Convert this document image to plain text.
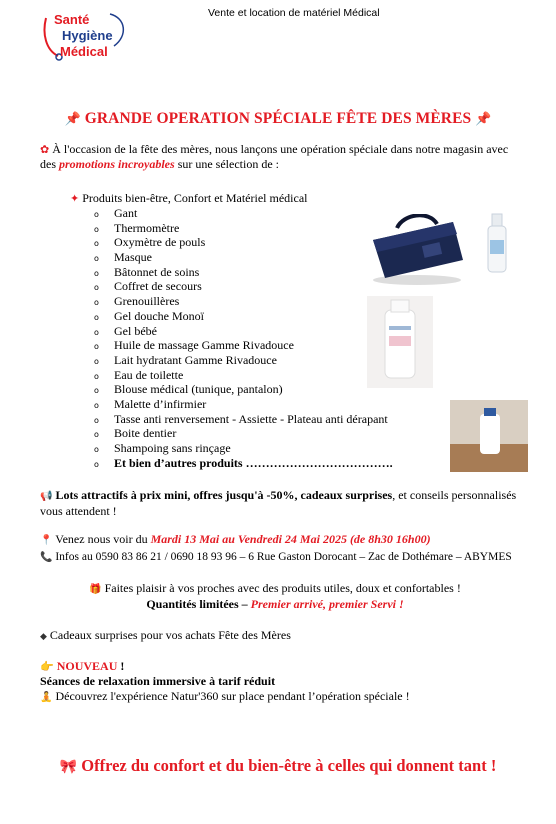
Santé
Hygiène
Médical
Vente et location de matériel Médical
📌 GRANDE OPERATION SPÉCIALE FÊTE DES MÈRES 📌
✿ À l'occasion de la fête des mères, nous lançons une opération spéciale dans notre magasin avec des promotions incroyables sur une sélection de :
✦ Produits bien-être, Confort et Matériel médical
o Gant
o Thermomètre
o Oxymètre de pouls
o Masque
o Bâtonnet de soins
o Coffret de secours
o Grenouillères
o Gel douche Monoï
o Gel bébé
o Huile de massage Gamme Rivadouce
o Lait hydratant Gamme Rivadouce
o Eau de toilette
o Blouse médical (tunique, pantalon)
o Malette d’infirmier
o Tasse anti renversement - Assiette - Plateau anti dérapant
o Boite dentier
o Shampoing sans rinçage
o Et bien d’autres produits ……………………………….
📢 Lots attractifs à prix mini, offres jusqu'à -50%, cadeaux surprises, et conseils personnalisés vous attendent !
📍 Venez nous voir du Mardi 13 Mai au Vendredi 24 Mai 2025 (de 8h30 16h00)
📞 Infos au 0590 83 86 21 / 0690 18 93 96 – 6 Rue Gaston Dorocant – Zac de Dothémare – ABYMES
🎁 Faites plaisir à vos proches avec des produits utiles, doux et confortables !
Quantités limitées – Premier arrivé, premier Servi !
◆ Cadeaux surprises pour vos achats Fête des Mères
👉 NOUVEAU !
Séances de relaxation immersive à tarif réduit
🧘 Découvrez l'expérience Natur'360 sur place pendant l’opération spéciale !
🎀 Offrez du confort et du bien-être à celles qui donnent tant !
